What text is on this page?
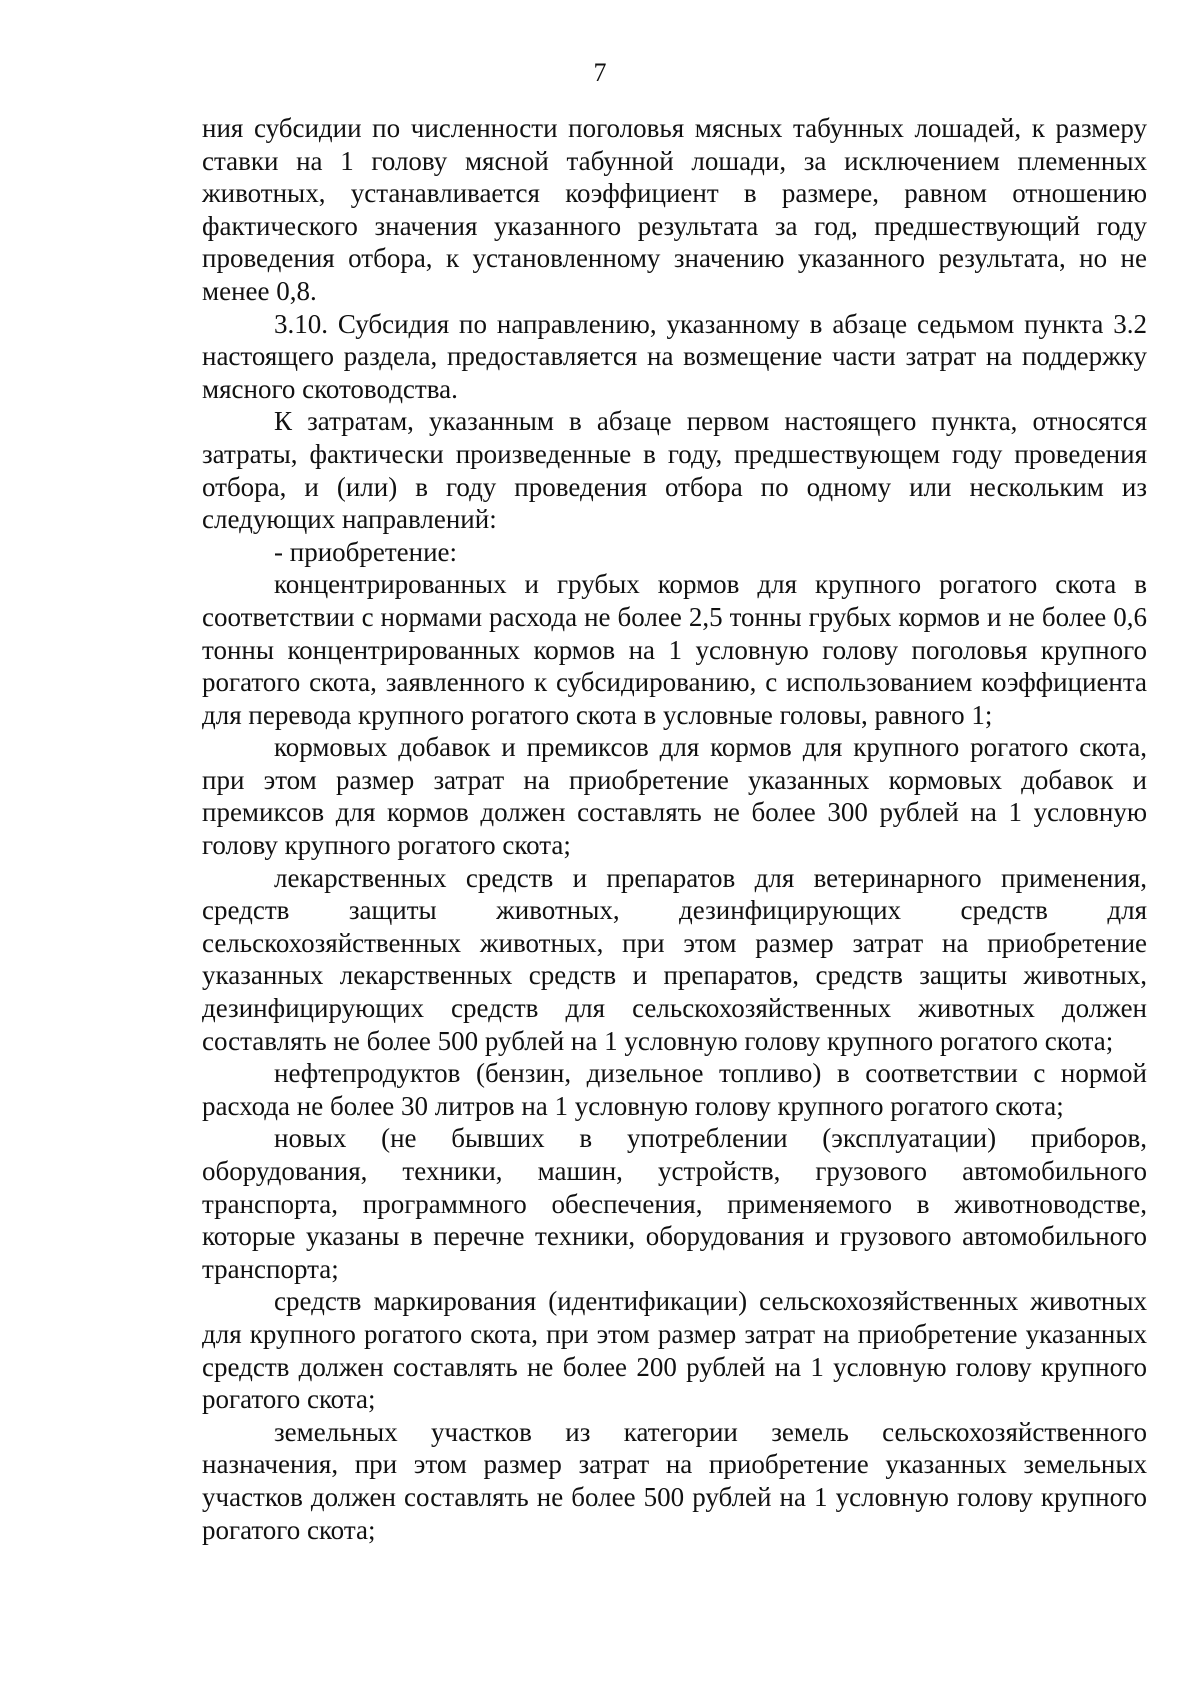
7

ния субсидии по численности поголовья мясных табунных лошадей, к размеру ставки на 1 голову мясной табунной лошади, за исключением племенных животных, устанавливается коэффициент в размере, равном отношению фактического значения указанного результата за год, предшествующий году проведения отбора, к установленному значению указанного результата, но не менее 0,8.

3.10. Субсидия по направлению, указанному в абзаце седьмом пункта 3.2 настоящего раздела, предоставляется на возмещение части затрат на поддержку мясного скотоводства.

К затратам, указанным в абзаце первом настоящего пункта, относятся затраты, фактически произведенные в году, предшествующем году проведения отбора, и (или) в году проведения отбора по одному или нескольким из следующих направлений:

- приобретение:

концентрированных и грубых кормов для крупного рогатого скота в соответствии с нормами расхода не более 2,5 тонны грубых кормов и не более 0,6 тонны концентрированных кормов на 1 условную голову поголовья крупного рогатого скота, заявленного к субсидированию, с использованием коэффициента для перевода крупного рогатого скота в условные головы, равного 1;

кормовых добавок и премиксов для кормов для крупного рогатого скота, при этом размер затрат на приобретение указанных кормовых добавок и премиксов для кормов должен составлять не более 300 рублей на 1 условную голову крупного рогатого скота;

лекарственных средств и препаратов для ветеринарного применения, средств защиты животных, дезинфицирующих средств для сельскохозяйственных животных, при этом размер затрат на приобретение указанных лекарственных средств и препаратов, средств защиты животных, дезинфицирующих средств для сельскохозяйственных животных должен составлять не более 500 рублей на 1 условную голову крупного рогатого скота;

нефтепродуктов (бензин, дизельное топливо) в соответствии с нормой расхода не более 30 литров на 1 условную голову крупного рогатого скота;

новых (не бывших в употреблении (эксплуатации) приборов, оборудования, техники, машин, устройств, грузового автомобильного транспорта, программного обеспечения, применяемого в животноводстве, которые указаны в перечне техники, оборудования и грузового автомобильного транспорта;

средств маркирования (идентификации) сельскохозяйственных животных для крупного рогатого скота, при этом размер затрат на приобретение указанных средств должен составлять не более 200 рублей на 1 условную голову крупного рогатого скота;

земельных участков из категории земель сельскохозяйственного назначения, при этом размер затрат на приобретение указанных земельных участков должен составлять не более 500 рублей на 1 условную голову крупного рогатого скота;
